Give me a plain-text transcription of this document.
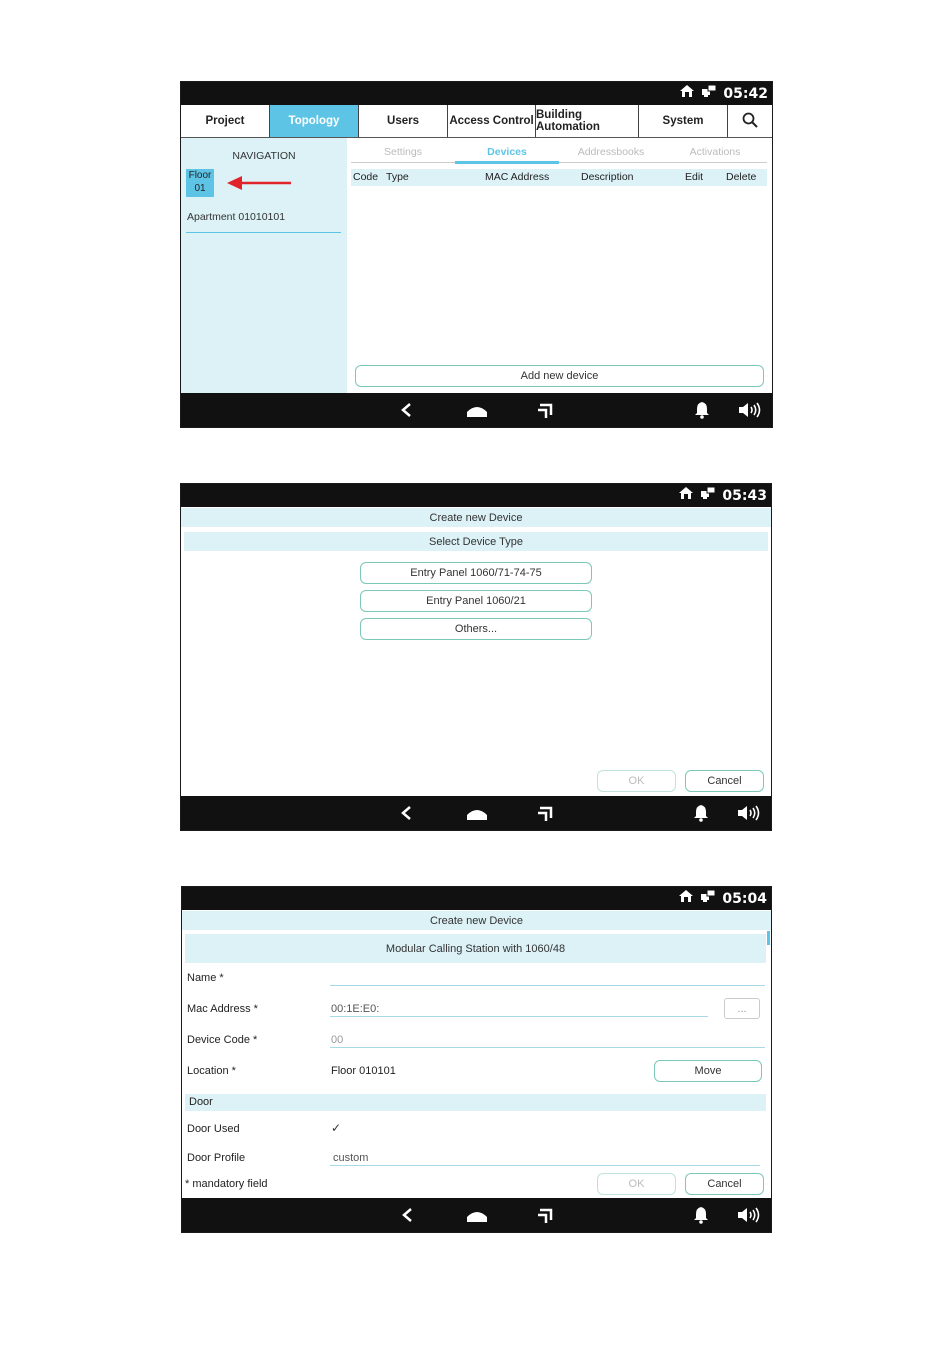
05:42
Project	Topology	Users	Access Control Building Automation	System
NAVIGATION
Floor
01
Apartment 01010101
Settings	Devices	Addressbooks	Activations
Code Type	MAC Address	Description	Edit Delete
Add new device
05:43
Create new Device
Select Device Type
Entry Panel 1060/71-74-75
Entry Panel 1060/21
Others...
OK	Cancel
05:04
Create new Device
Modular Calling Station with 1060/48
Name *
Mac Address *	00:1E:E0:	...
Device Code *	00
Location *	Floor 010101	Move
Door
Door Used	✓
Door Profile	custom
* mandatory field	OK	Cancel
